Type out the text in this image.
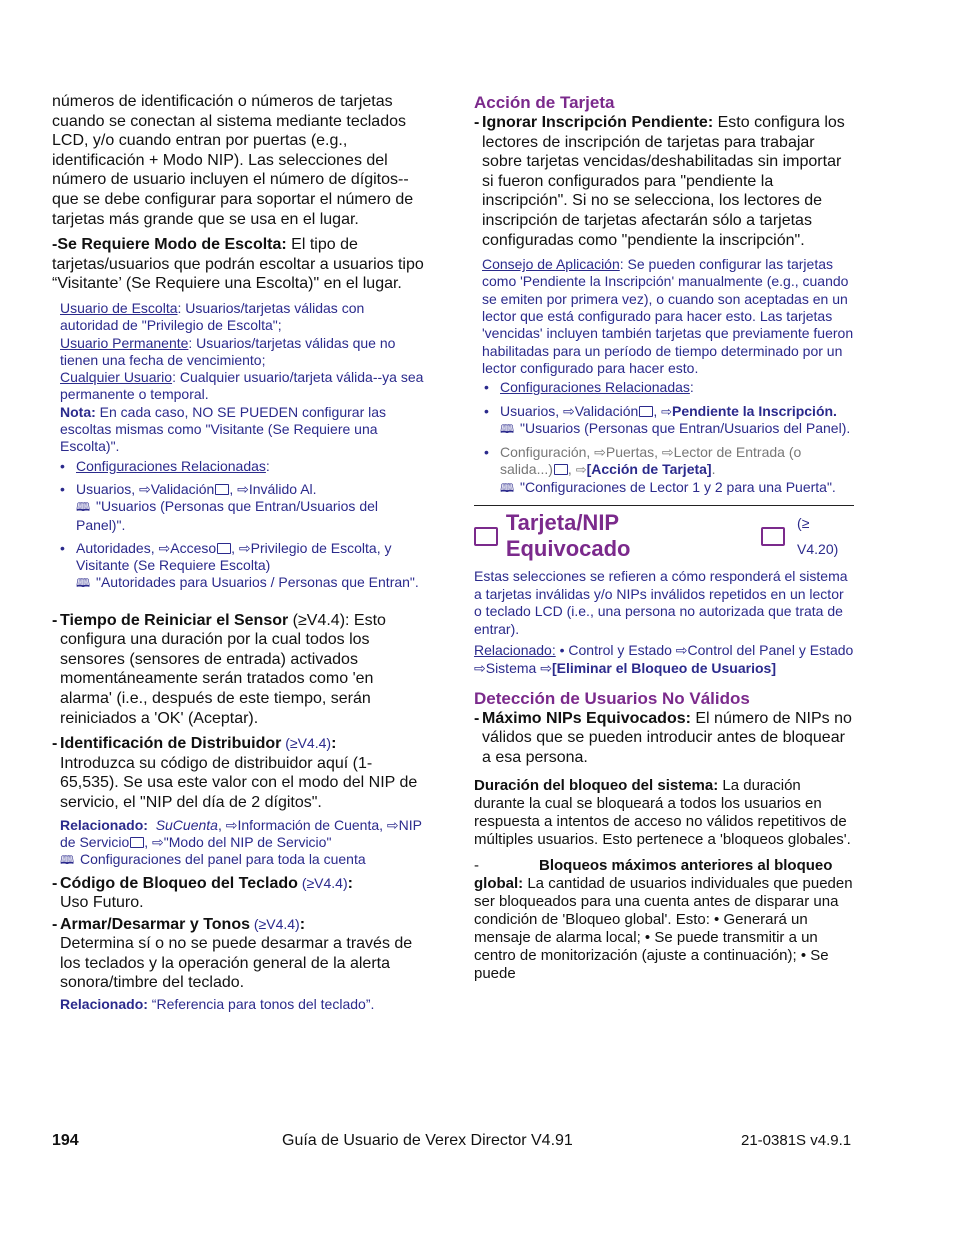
números de identificación o números de tarjetas cuando se conectan al sistema mediante teclados LCD, y/o cuando entran por puertas (e.g., identificación + Modo NIP). Las selecciones del número de usuario incluyen el número de dígitos--que se debe configurar para soportar el número de tarjetas más grande que se usa en el lugar.

-Se Requiere Modo de Escolta: El tipo de tarjetas/usuarios que podrán escoltar a usuarios tipo “Visitante’ (Se Requiere una Escolta)" en el lugar.

Usuario de Escolta: Usuarios/tarjetas válidas con autoridad de "Privilegio de Escolta";
Usuario Permanente: Usuarios/tarjetas válidas que no tienen una fecha de vencimiento;
Cualquier Usuario: Cualquier usuario/tarjeta válida--ya sea permanente o temporal.
Nota: En cada caso, NO SE PUEDEN configurar las escoltas mismas como "Visitante (Se Requiere una Escolta)".
• Configuraciones Relacionadas:
• Usuarios, ⇨Validación , ⇨Inválido Al.
🕮 "Usuarios (Personas que Entran/Usuarios del Panel)".
• Autoridades, ⇨Acceso , ⇨Privilegio de Escolta, y Visitante (Se Requiere Escolta)
🕮 "Autoridades para Usuarios / Personas que Entran".
- Tiempo de Reiniciar el Sensor (≥V4.4): Esto configura una duración por la cual todos los sensores (sensores de entrada) activados momentáneamente serán tratados como 'en alarma' (i.e., después de este tiempo, serán reiniciados a 'OK' (Aceptar).
- Identificación de Distribuidor (≥V4.4):
Introduzca su código de distribuidor aquí (1-65,535). Se usa este valor con el modo del NIP de servicio, el "NIP del día de 2 dígitos".
Relacionado: SuCuenta, ⇨Información de Cuenta, ⇨NIP de Servicio , ⇨"Modo del NIP de Servicio"
🕮 Configuraciones del panel para toda la cuenta
- Código de Bloqueo del Teclado (≥V4.4):
Uso Futuro.
- Armar/Desarmar y Tonos (≥V4.4):
Determina sí o no se puede desarmar a través de los teclados y la operación general de la alerta sonora/timbre del teclado.
Relacionado: “Referencia para tonos del teclado”.
Acción de Tarjeta
- Ignorar Inscripción Pendiente: Esto configura los lectores de inscripción de tarjetas para trabajar sobre tarjetas vencidas/deshabilitadas sin importar si fueron configurados para "pendiente la inscripción". Si no se selecciona, los lectores de inscripción de tarjetas afectarán sólo a tarjetas configuradas como "pendiente la inscripción".
Consejo de Aplicación: Se pueden configurar las tarjetas como 'Pendiente la Inscripción' manualmente (e.g., cuando se emiten por primera vez), o cuando son aceptadas en un lector que está configurado para hacer esto. Las tarjetas 'vencidas' incluyen también tarjetas que previamente fueron habilitadas para un período de tiempo determinado por un lector configurado para hacer esto.
• Configuraciones Relacionadas:
• Usuarios, ⇨Validación , ⇨Pendiente la Inscripción.
🕮 "Usuarios (Personas que Entran/Usuarios del Panel).
• Configuración, ⇨Puertas, ⇨Lector de Entrada (o salida...) , ⇨[Acción de Tarjeta].
🕮 "Configuraciones de Lector 1 y 2 para una Puerta".
Tarjeta/NIP Equivocado
(≥ V4.20)

Estas selecciones se refieren a cómo responderá el sistema a tarjetas inválidas y/o NIPs inválidos repetidos en un lector o teclado LCD (i.e., una persona no autorizada que trata de entrar).

Relacionado: • Control y Estado ⇨Control del Panel y Estado
⇨Sistema ⇨[Eliminar el Bloqueo de Usuarios]

Detección de Usuarios No Válidos
- Máximo NIPs Equivocados: El número de NIPs no válidos que se pueden introducir antes de bloquear a esa persona.

Duración del bloqueo del sistema: La duración durante la cual se bloqueará a todos los usuarios en respuesta a intentos de acceso no válidos repetitivos de múltiples usuarios. Esto pertenece a 'bloqueos globales'.

-	Bloqueos máximos anteriores al bloqueo global: La cantidad de usuarios individuales que pueden ser bloqueados para una cuenta antes de disparar una condición de 'Bloqueo global'. Esto: • Generará un mensaje de alarma local; • Se puede transmitir a un centro de monitorización (ajuste a continuación); • Se puede

194	Guía de Usuario de Verex Director V4.91	21-0381S v4.9.1
